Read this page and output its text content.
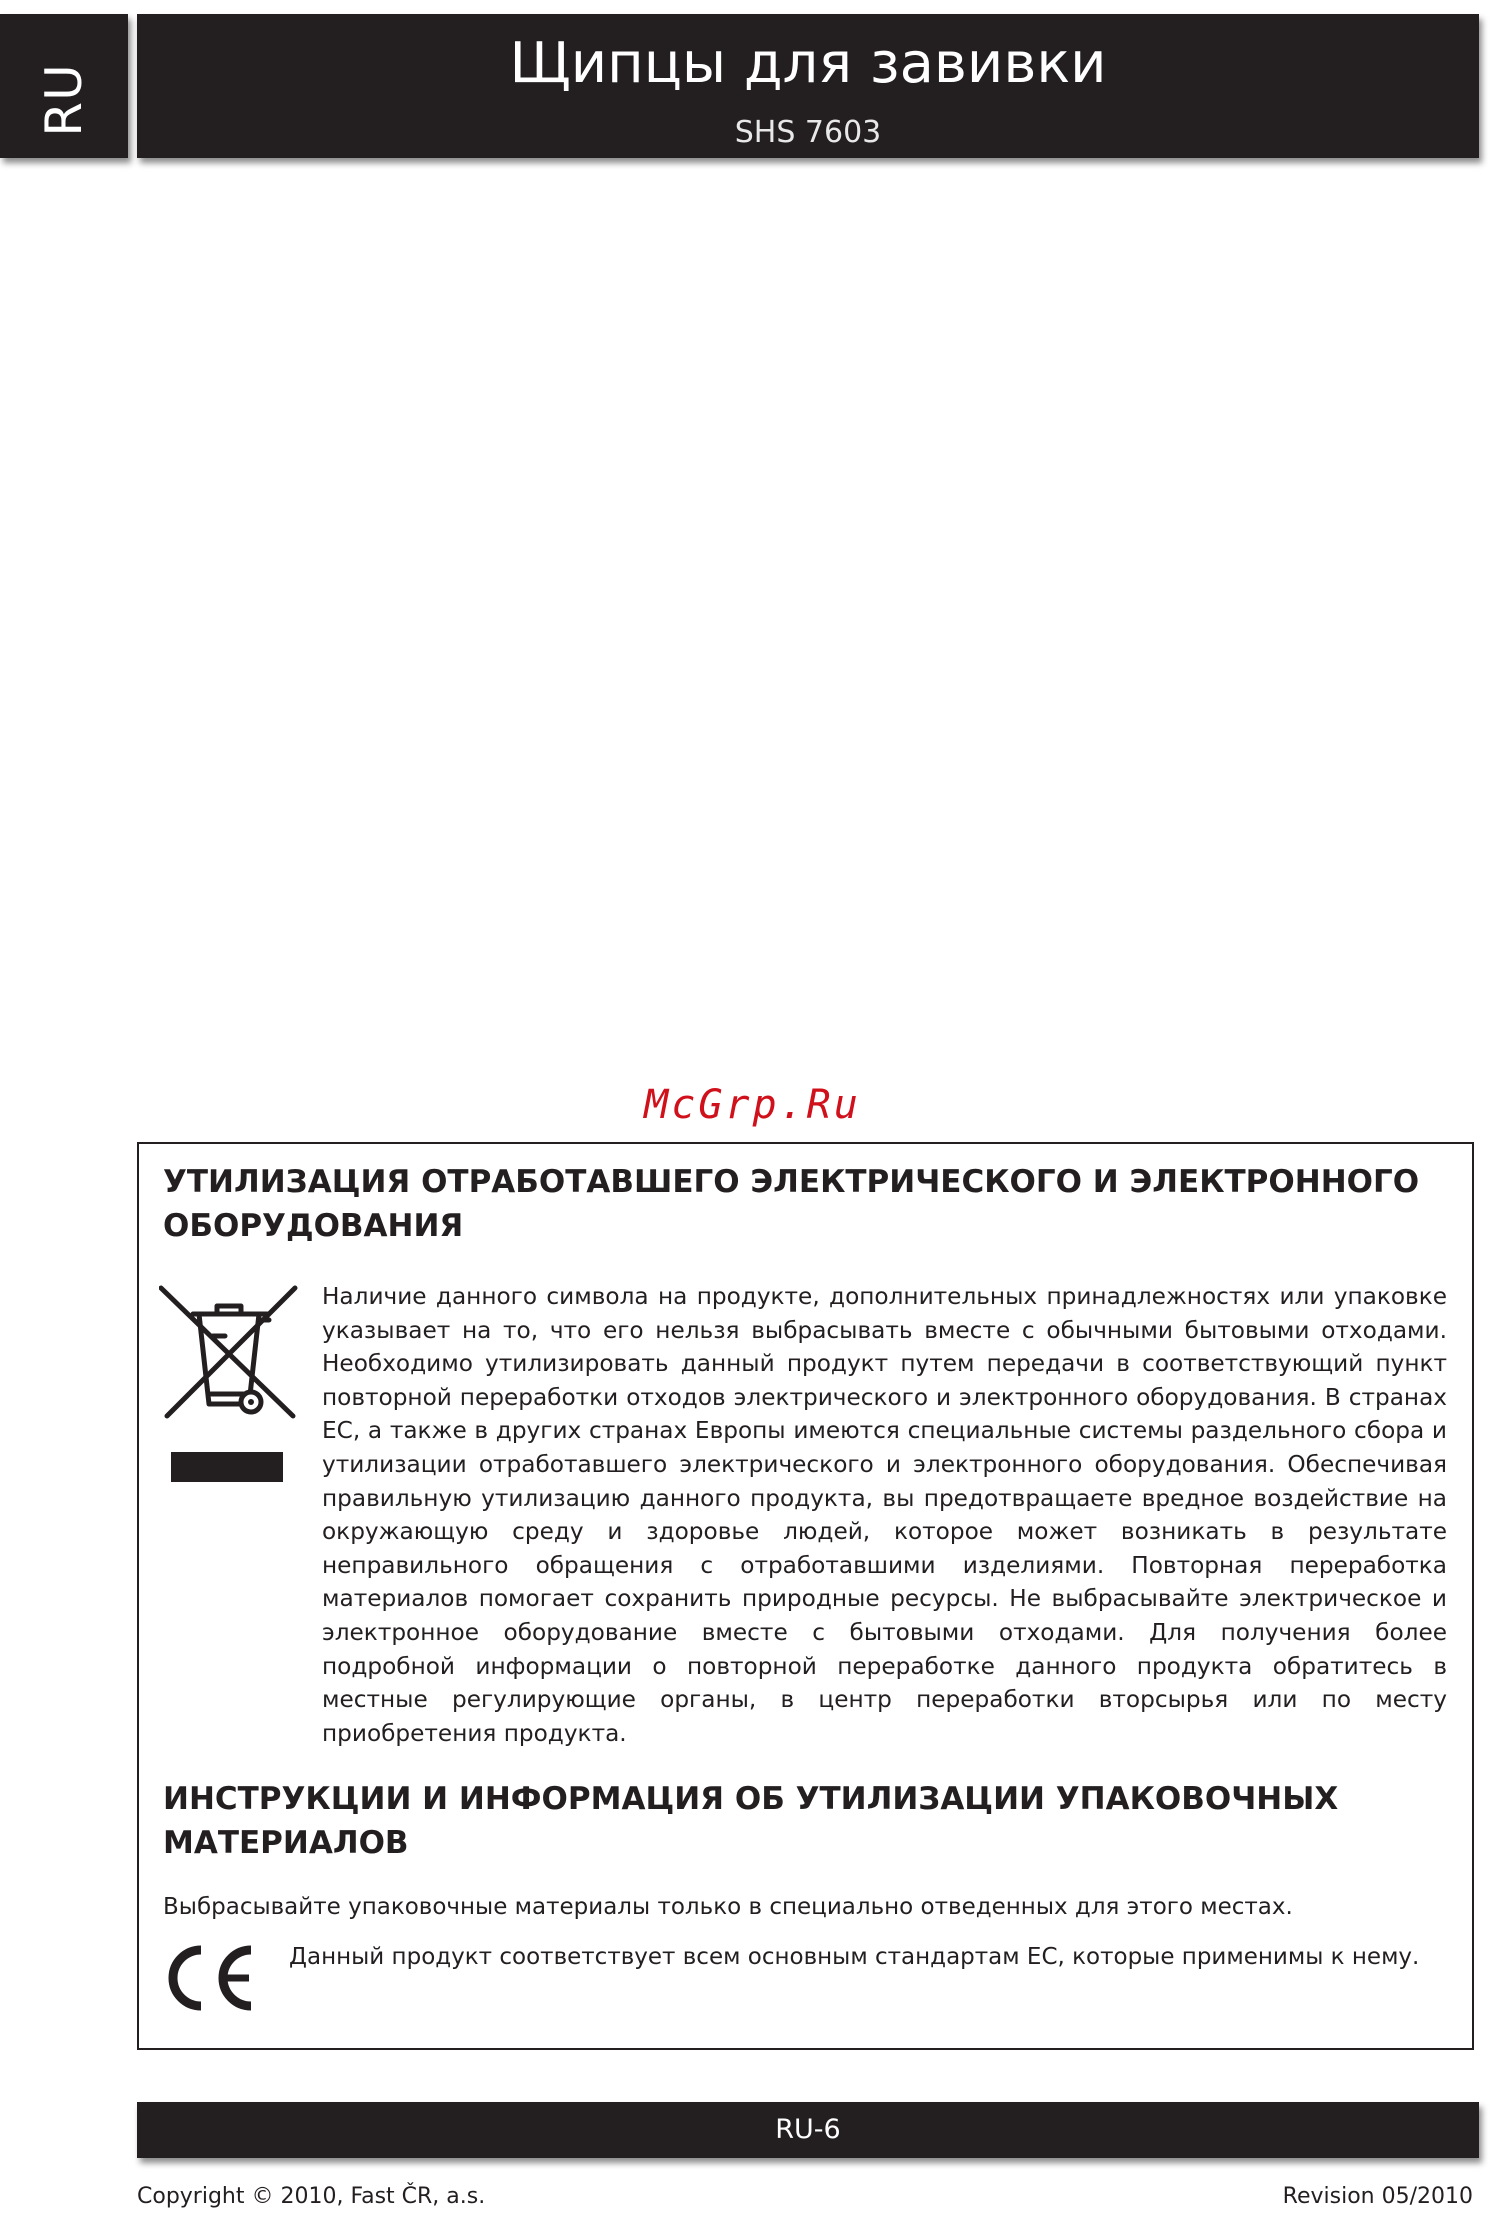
RU	Щипцы для завивки
SHS 7603
McGrp.Ru
УТИЛИЗАЦИЯ ОТРАБОТАВШЕГО ЭЛЕКТРИЧЕСКОГО И ЭЛЕКТРОННОГО
ОБОРУДОВАНИЯ
Наличие данного символа на продукте, дополнительных принадлежностях или упаковке указывает на то, что его нельзя выбрасывать вместе с обычными бытовыми отходами. Необходимо утилизировать данный продукт путем передачи в соответствующий пункт повторной переработки отходов электрического и электронного оборудования. В странах ЕС, а также в других странах Европы имеются специальные системы раздельного сбора и утилизации отработавшего электрического и электронного оборудования. Обеспечивая правильную утилизацию данного продукта, вы предотвращаете вредное воздействие на окружающую среду и здоровье людей, которое может возникать в результате неправильного обращения с отработавшими изделиями. Повторная переработка материалов помогает сохранить природные ресурсы. Не выбрасывайте электрическое и электронное оборудование вместе с бытовыми отходами. Для получения более подробной информации о повторной переработке данного продукта обратитесь в местные регулирующие органы, в центр переработки вторсырья или по месту приобретения продукта.
ИНСТРУКЦИИ И ИНФОРМАЦИЯ ОБ УТИЛИЗАЦИИ УПАКОВОЧНЫХ
МАТЕРИАЛОВ
Выбрасывайте упаковочные материалы только в специально отведенных для этого местах.
Данный продукт соответствует всем основным стандартам ЕС, которые применимы к нему.
RU-6
Copyright © 2010, Fast ČR, a.s.	Revision 05/2010
